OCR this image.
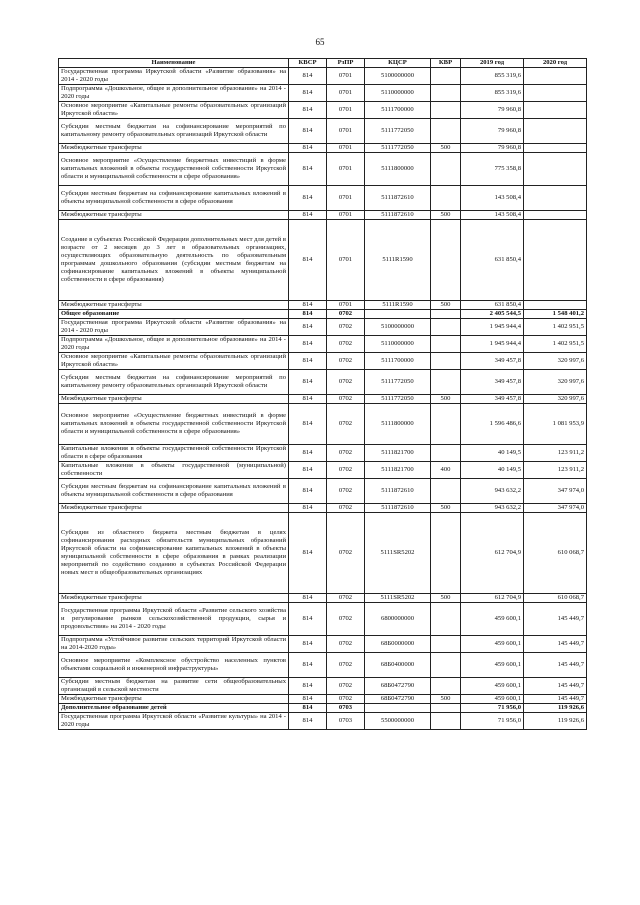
65
Наименование	КВСР	РзПР	КЦСР	КВР	2019 год	2020 год
Государственная программа Иркутской области «Развитие образования» на 2014 - 2020 годы	814	0701	5100000000		855 319,6	
Подпрограмма «Дошкольное, общее и дополнительное образование» на 2014 - 2020 годы	814	0701	5110000000		855 319,6	
Основное мероприятие «Капитальные ремонты образовательных организаций Иркутской области»	814	0701	5111700000		79 960,8	
Субсидии местным бюджетам на софинансирование мероприятий по капитальному ремонту образовательных организаций Иркутской области	814	0701	5111772050		79 960,8	
Межбюджетные трансферты	814	0701	5111772050	500	79 960,8	
Основное мероприятие «Осуществление бюджетных инвестиций в форме капитальных вложений в объекты государственной собственности Иркутской области и муниципальной собственности в сфере образования»	814	0701	5111800000		775 358,8	
Субсидии местным бюджетам на софинансирование капитальных вложений в объекты муниципальной собственности в сфере образования	814	0701	5111872610		143 508,4	
Межбюджетные трансферты	814	0701	5111872610	500	143 508,4	
Создание в субъектах Российской Федерации дополнительных мест для детей в возрасте от 2 месяцев до 3 лет в образовательных организациях, осуществляющих образовательную деятельность по образовательным программам дошкольного образования (субсидии местным бюджетам на софинансирование капитальных вложений в объекты муниципальной собственности в сфере образования)	814	0701	5111R1590		631 850,4	
Межбюджетные трансферты	814	0701	5111R1590	500	631 850,4	
Общее образование	814	0702			2 405 544,5	1 548 401,2
Государственная программа Иркутской области «Развитие образования» на 2014 - 2020 годы	814	0702	5100000000		1 945 944,4	1 402 951,5
Подпрограмма «Дошкольное, общее и дополнительное образование» на 2014 - 2020 годы	814	0702	5110000000		1 945 944,4	1 402 951,5
Основное мероприятие «Капитальные ремонты образовательных организаций Иркутской области»	814	0702	5111700000		349 457,8	320 997,6
Субсидии местным бюджетам на софинансирование мероприятий по капитальному ремонту образовательных организаций Иркутской области	814	0702	5111772050		349 457,8	320 997,6
Межбюджетные трансферты	814	0702	5111772050	500	349 457,8	320 997,6
Основное мероприятие «Осуществление бюджетных инвестиций в форме капитальных вложений в объекты государственной собственности Иркутской области и муниципальной собственности в сфере образования»	814	0702	5111800000		1 596 486,6	1 081 953,9
Капитальные вложения в объекты государственной собственности Иркутской области в сфере образования	814	0702	5111821700		40 149,5	123 911,2
Капитальные вложения в объекты государственной (муниципальной) собственности	814	0702	5111821700	400	40 149,5	123 911,2
Субсидии местным бюджетам на софинансирование капитальных вложений в объекты муниципальной собственности в сфере образования	814	0702	5111872610		943 632,2	347 974,0
Межбюджетные трансферты	814	0702	5111872610	500	943 632,2	347 974,0
Субсидии из областного бюджета местным бюджетам в целях софинансирования расходных обязательств муниципальных образований Иркутской области на софинансирование капитальных вложений в объекты муниципальной собственности в сфере образования в рамках реализации мероприятий по содействию созданию в субъектах Российской Федерации новых мест в общеобразовательных организациях	814	0702	5111SR5202		612 704,9	610 068,7
Межбюджетные трансферты	814	0702	5111SR5202	500	612 704,9	610 068,7
Государственная программа Иркутской области «Развитие сельского хозяйства и регулирование рынков сельскохозяйственной продукции, сырья и продовольствия» на 2014 - 2020 годы	814	0702	6800000000		459 600,1	145 449,7
Подпрограмма «Устойчивое развитие сельских территорий Иркутской области на 2014-2020 годы»	814	0702	68Б0000000		459 600,1	145 449,7
Основное мероприятие «Комплексное обустройство населенных пунктов объектами социальной и инженерной инфраструктуры»	814	0702	68Б0400000		459 600,1	145 449,7
Субсидии местным бюджетам на развитие сети общеобразовательных организаций в сельской местности	814	0702	68Б0472790		459 600,1	145 449,7
Межбюджетные трансферты	814	0702	68Б0472790	500	459 600,1	145 449,7
Дополнительное образование детей	814	0703			71 956,0	119 926,6
Государственная программа Иркутской области «Развитие культуры» на 2014 - 2020 годы	814	0703	5500000000		71 956,0	119 926,6
